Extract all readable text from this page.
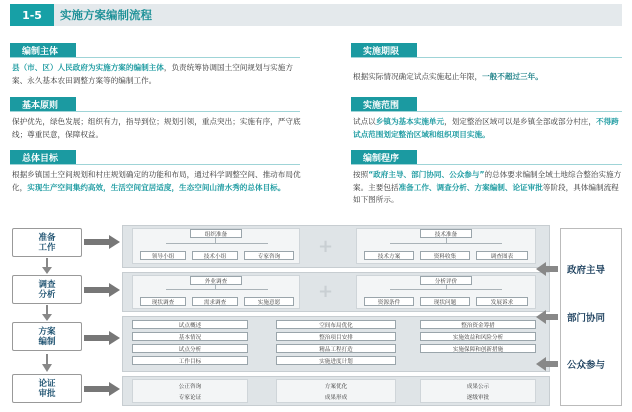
1-5	实施方案编制流程
编制主体
县（市、区）人民政府为实施方案的编制主体，负责统筹协调国土空间规划与实施方案、永久基本农田调整方案等的编制工作。
基本原则
保护优先，绿色发展；组织有力，指导到位；规划引领，重点突出；实施有序，严守底线；尊重民意，保障权益。
总体目标
根据乡镇国土空间规划和村庄规划确定的功能和布局，通过科学调整空间、推动布局优化，实现生产空间集约高效，生活空间宜居适度，生态空间山清水秀的总体目标。
实施期限
根据实际情况确定试点实施起止年限，一般不超过三年。
实施范围
试点以乡镇为基本实施单元，划定整治区域可以是乡镇全部或部分村庄，不得跨试点范围划定整治区域和组织项目实施。
编制程序
按照“政府主导、部门协同、公众参与”的总体要求编制全域土地综合整治实施方案。主要包括准备工作、调查分析、方案编制、论证审批等阶段，具体编制流程如下图所示。
准备
工作
调查
分析
方案
编制
论证
审批
组织准备
领导小组	技术小组	专家咨询	+
技术准备
技术方案	资料收集	调查图表
外业调查
现状调查	需求调查	实施意愿
+	分析评价
资源条件	现状问题	发展诉求
试点概述
基本情况
试点分析
工作目标
空间布局优化
整治项目安排
精品工程打造
实施进度计划
整治资金筹措
实施效益和风险分析
实施保障和创新措施
公正咨询
专家论证
方案优化
成果形成
成果公示
逐级审批
政府主导
部门协同
公众参与
